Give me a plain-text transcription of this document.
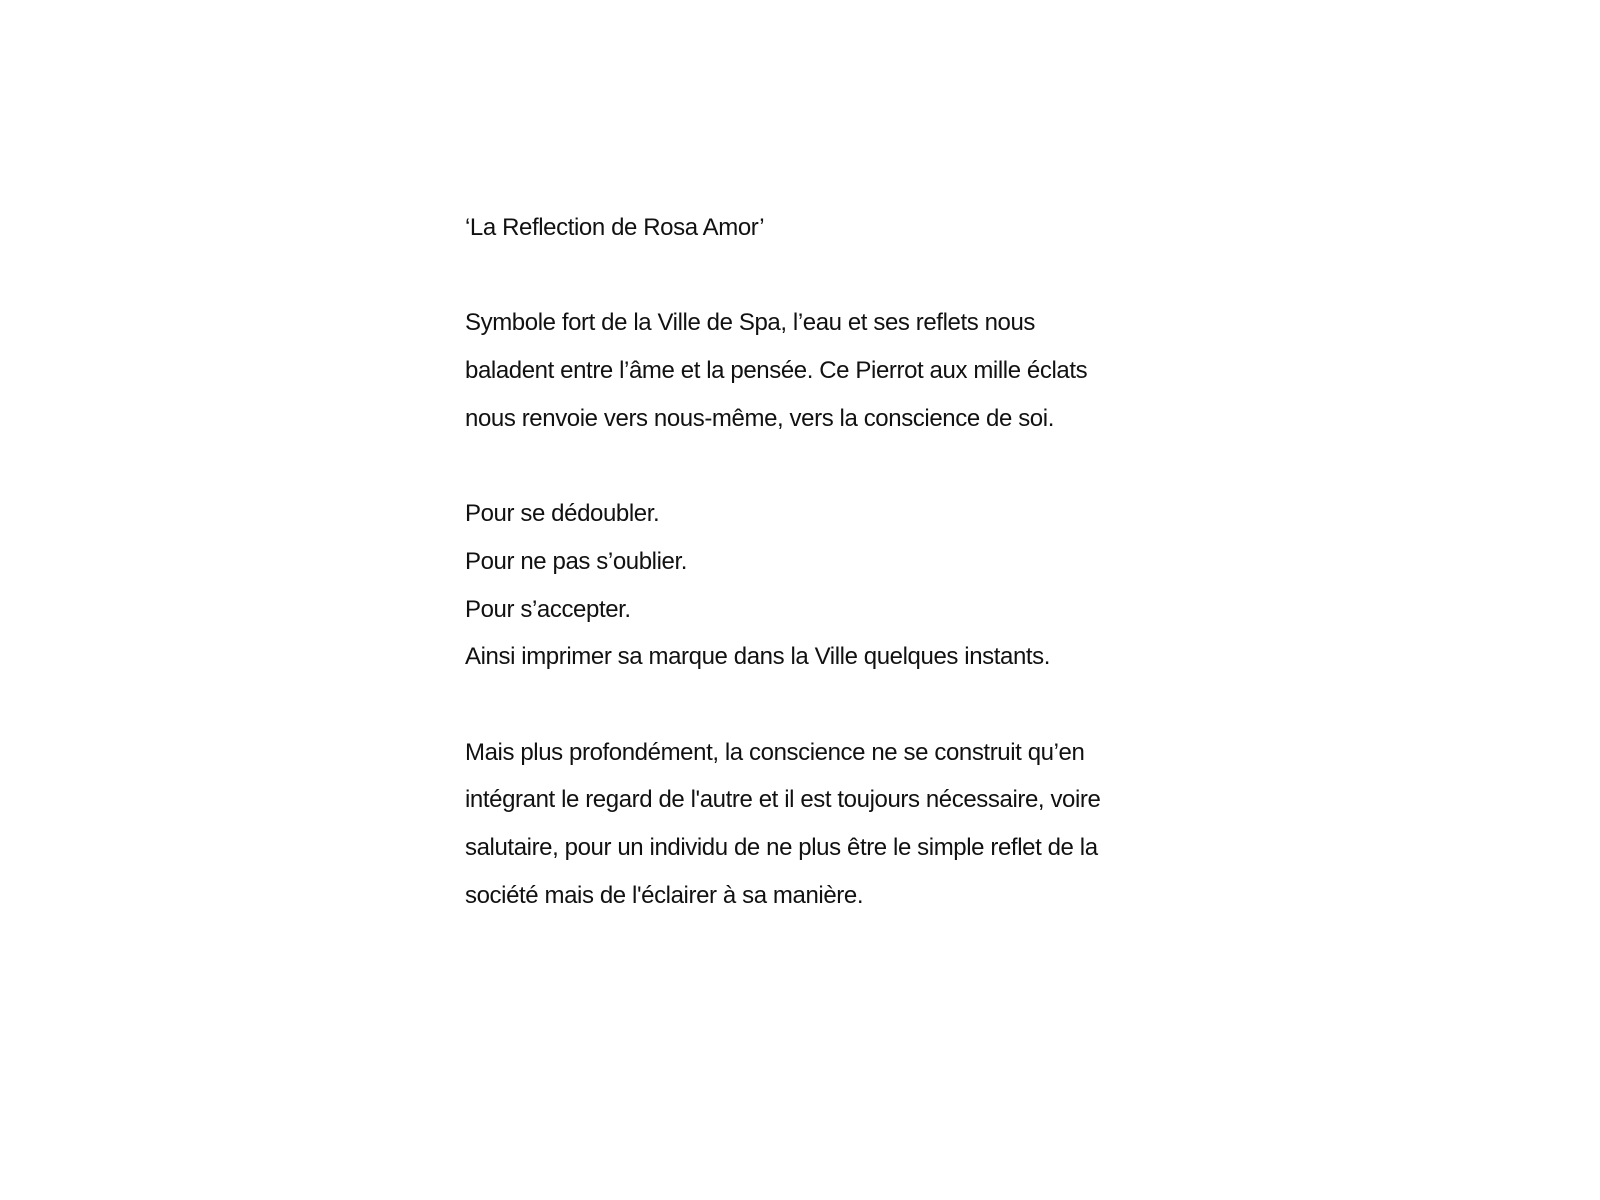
‘La Reflection de Rosa Amor’
Symbole fort de la Ville de Spa, l’eau et ses reflets nous
baladent entre l’âme et la pensée. Ce Pierrot aux mille éclats
nous renvoie vers nous-même, vers la conscience de soi.
Pour se dédoubler.
Pour ne pas s’oublier.
Pour s’accepter.
Ainsi imprimer sa marque dans la Ville quelques instants.
Mais plus profondément, la conscience ne se construit qu’en
intégrant le regard de l'autre et il est toujours nécessaire, voire
salutaire, pour un individu de ne plus être le simple reflet de la
société mais de l'éclairer à sa manière.
